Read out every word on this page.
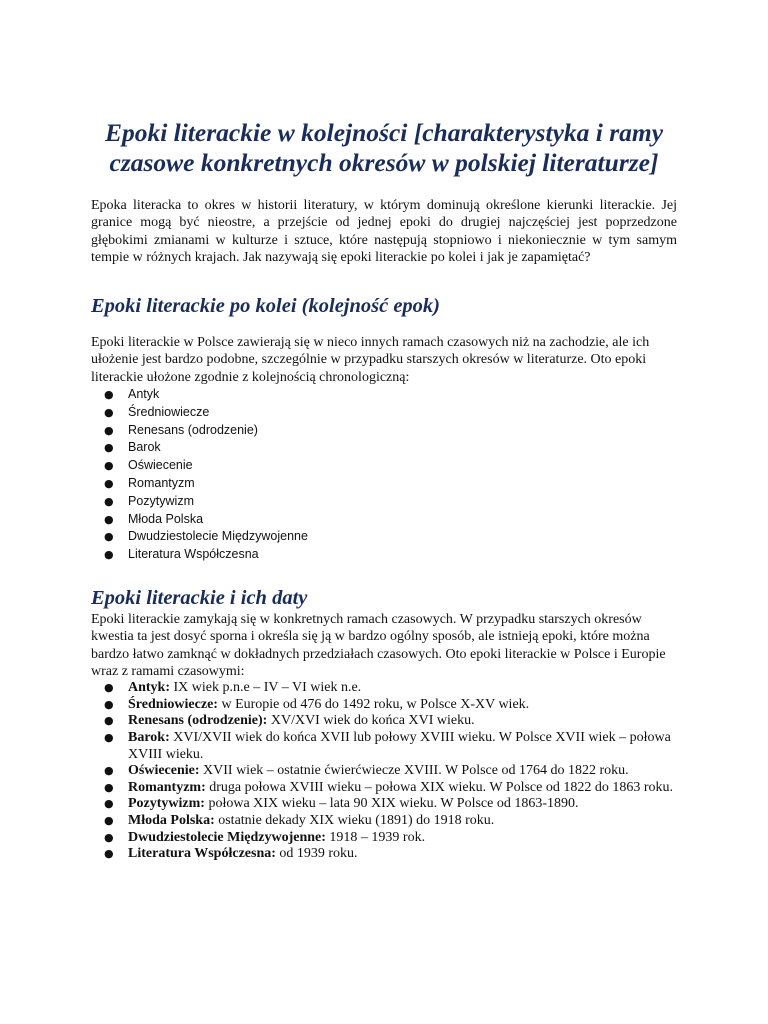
Epoki literackie w kolejności [charakterystyka i ramy czasowe konkretnych okresów w polskiej literaturze]

Epoka literacka to okres w historii literatury, w którym dominują określone kierunki literackie. Jej granice mogą być nieostre, a przejście od jednej epoki do drugiej najczęściej jest poprzedzone głębokimi zmianami w kulturze i sztuce, które następują stopniowo i niekoniecznie w tym samym tempie w różnych krajach. Jak nazywają się epoki literackie po kolei i jak je zapamiętać?

Epoki literackie po kolei (kolejność epok)

Epoki literackie w Polsce zawierają się w nieco innych ramach czasowych niż na zachodzie, ale ich ułożenie jest bardzo podobne, szczególnie w przypadku starszych okresów w literaturze. Oto epoki literackie ułożone zgodnie z kolejnością chronologiczną:

● Antyk
● Średniowiecze
● Renesans (odrodzenie)
● Barok
● Oświecenie
● Romantyzm
● Pozytywizm
● Młoda Polska
● Dwudziestolecie Międzywojenne
● Literatura Współczesna
Epoki literackie i ich daty

Epoki literackie zamykają się w konkretnych ramach czasowych. W przypadku starszych okresów kwestia ta jest dosyć sporna i określa się ją w bardzo ogólny sposób, ale istnieją epoki, które można bardzo łatwo zamknąć w dokładnych przedziałach czasowych. Oto epoki literackie w Polsce i Europie wraz z ramami czasowymi:

● Antyk: IX wiek p.n.e – IV – VI wiek n.e.
● Średniowiecze: w Europie od 476 do 1492 roku, w Polsce X-XV wiek.
● Renesans (odrodzenie): XV/XVI wiek do końca XVI wieku.
● Barok: XVI/XVII wiek do końca XVII lub połowy XVIII wieku. W Polsce XVII wiek – połowa XVIII wieku.
● Oświecenie: XVII wiek – ostatnie ćwierćwiecze XVIII. W Polsce od 1764 do 1822 roku.
● Romantyzm: druga połowa XVIII wieku – połowa XIX wieku. W Polsce od 1822 do 1863 roku.
● Pozytywizm: połowa XIX wieku – lata 90 XIX wieku. W Polsce od 1863-1890.
● Młoda Polska: ostatnie dekady XIX wieku (1891) do 1918 roku.
● Dwudziestolecie Międzywojenne: 1918 – 1939 rok.
● Literatura Współczesna: od 1939 roku.
